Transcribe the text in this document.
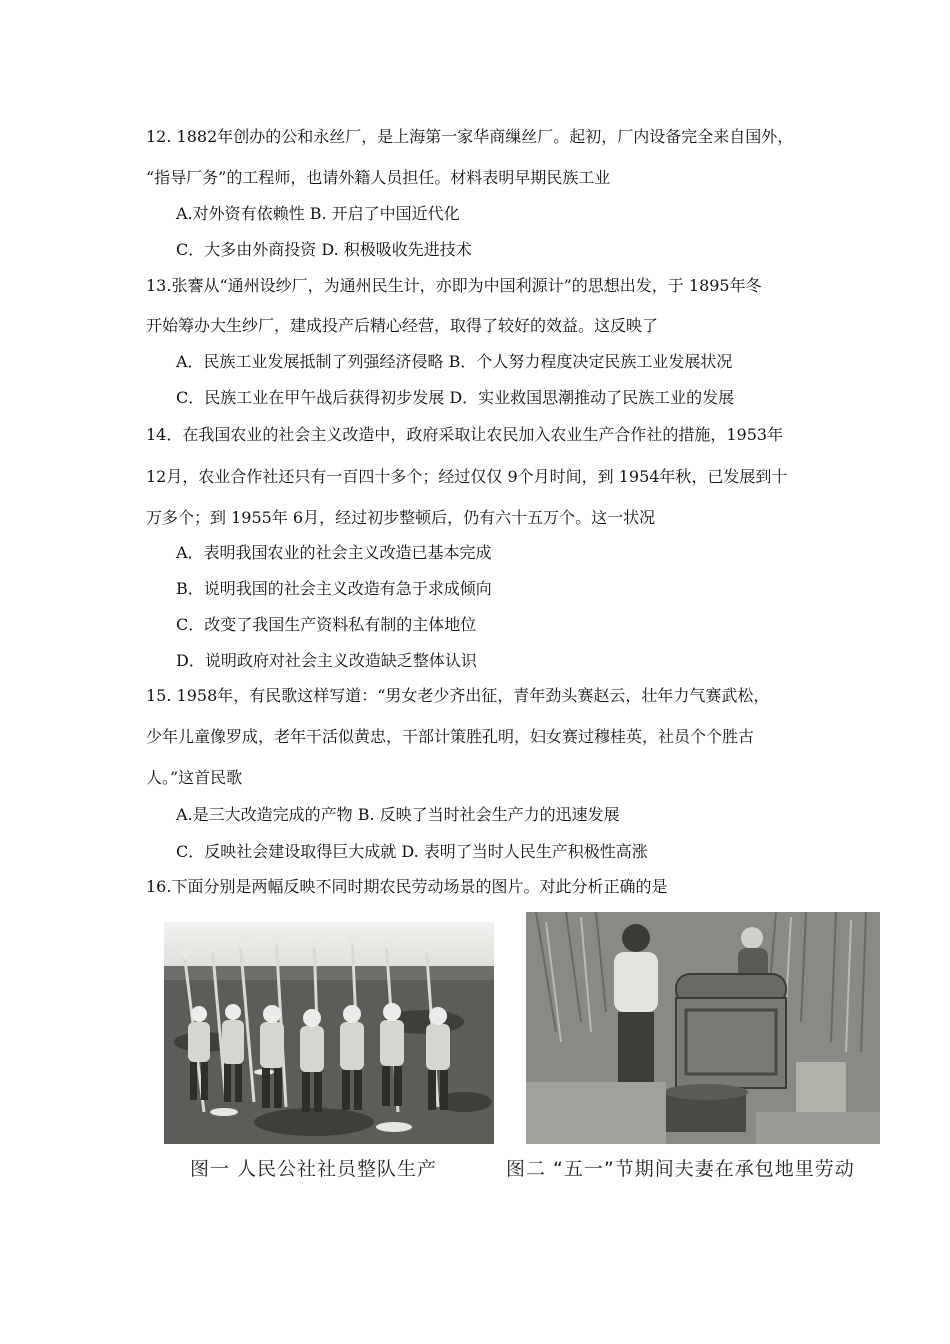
12. 1882年创办的公和永丝厂，是上海第一家华商缫丝厂。起初，厂内设备完全来自国外，
“指导厂务”的工程师，也请外籍人员担任。材料表明早期民族工业
A.对外资有依赖性 B. 开启了中国近代化
C．大多由外商投资 D. 积极吸收先进技术
13.张謇从“通州设纱厂，为通州民生计，亦即为中国利源计”的思想出发，于 1895年冬
开始筹办大生纱厂，建成投产后精心经营，取得了较好的效益。这反映了
A．民族工业发展抵制了列强经济侵略 B．个人努力程度决定民族工业发展状况
C．民族工业在甲午战后获得初步发展 D．实业救国思潮推动了民族工业的发展
14．在我国农业的社会主义改造中，政府采取让农民加入农业生产合作社的措施，1953年
12月，农业合作社还只有一百四十多个；经过仅仅 9个月时间，到 1954年秋，已发展到十
万多个；到 1955年 6月，经过初步整顿后，仍有六十五万个。这一状况
A．表明我国农业的社会主义改造已基本完成
B．说明我国的社会主义改造有急于求成倾向
C．改变了我国生产资料私有制的主体地位
D．说明政府对社会主义改造缺乏整体认识
15. 1958年，有民歌这样写道：“男女老少齐出征，青年劲头赛赵云，壮年力气赛武松，
少年儿童像罗成，老年干活似黄忠，干部计策胜孔明，妇女赛过穆桂英，社员个个胜古
人。”这首民歌
A.是三大改造完成的产物 B. 反映了当时社会生产力的迅速发展
C．反映社会建设取得巨大成就 D. 表明了当时人民生产积极性高涨
16.下面分别是两幅反映不同时期农民劳动场景的图片。对此分析正确的是
图一 人民公社社员整队生产	图二 “五一”节期间夫妻在承包地里劳动
